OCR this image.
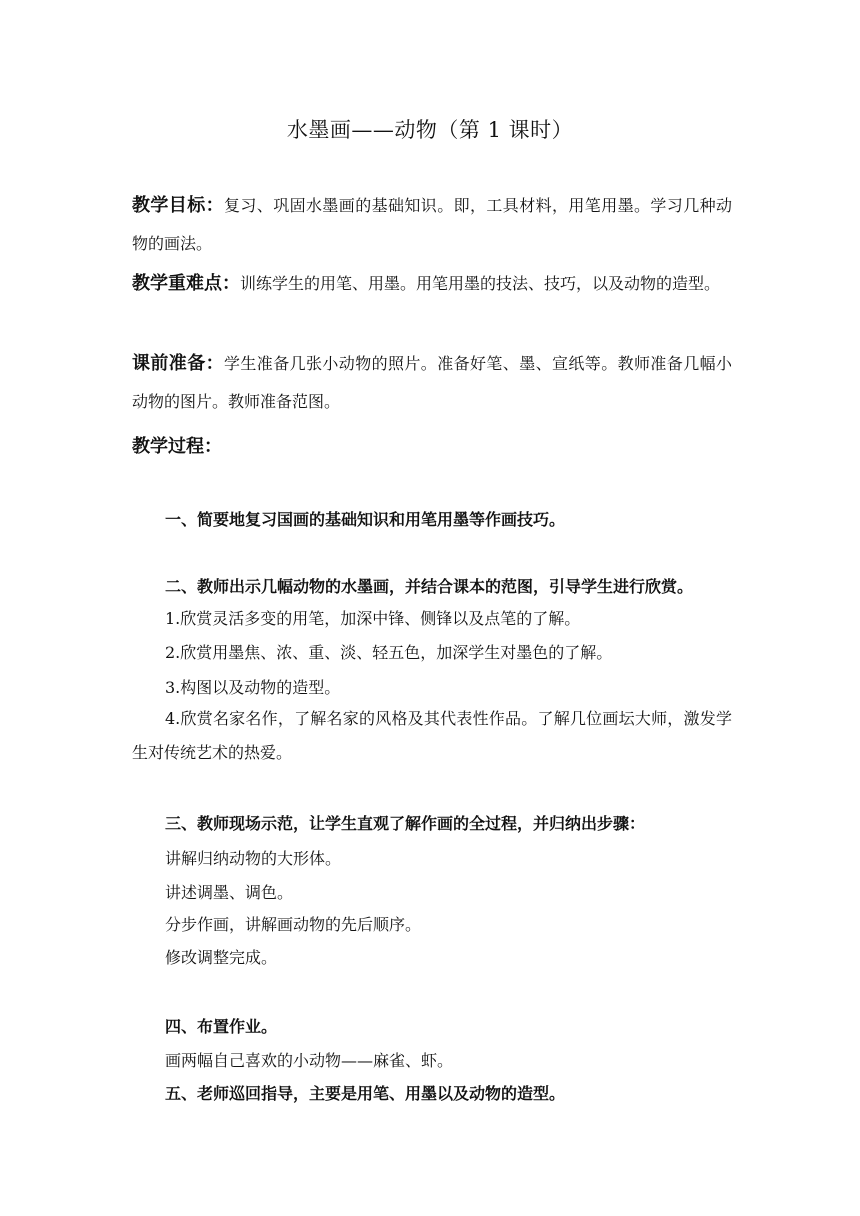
水墨画——动物（第 1 课时）
教学目标：复习、巩固水墨画的基础知识。即，工具材料，用笔用墨。学习几种动物的画法。
教学重难点：训练学生的用笔、用墨。用笔用墨的技法、技巧，以及动物的造型。
课前准备：学生准备几张小动物的照片。准备好笔、墨、宣纸等。教师准备几幅小动物的图片。教师准备范图。
教学过程：
一、简要地复习国画的基础知识和用笔用墨等作画技巧。
二、教师出示几幅动物的水墨画，并结合课本的范图，引导学生进行欣赏。
1.欣赏灵活多变的用笔，加深中锋、侧锋以及点笔的了解。
2.欣赏用墨焦、浓、重、淡、轻五色，加深学生对墨色的了解。
3.构图以及动物的造型。
4.欣赏名家名作，了解名家的风格及其代表性作品。了解几位画坛大师，激发学生对传统艺术的热爱。
三、教师现场示范，让学生直观了解作画的全过程，并归纳出步骤：
讲解归纳动物的大形体。
讲述调墨、调色。
分步作画，讲解画动物的先后顺序。
修改调整完成。
四、布置作业。
画两幅自己喜欢的小动物——麻雀、虾。
五、老师巡回指导，主要是用笔、用墨以及动物的造型。
